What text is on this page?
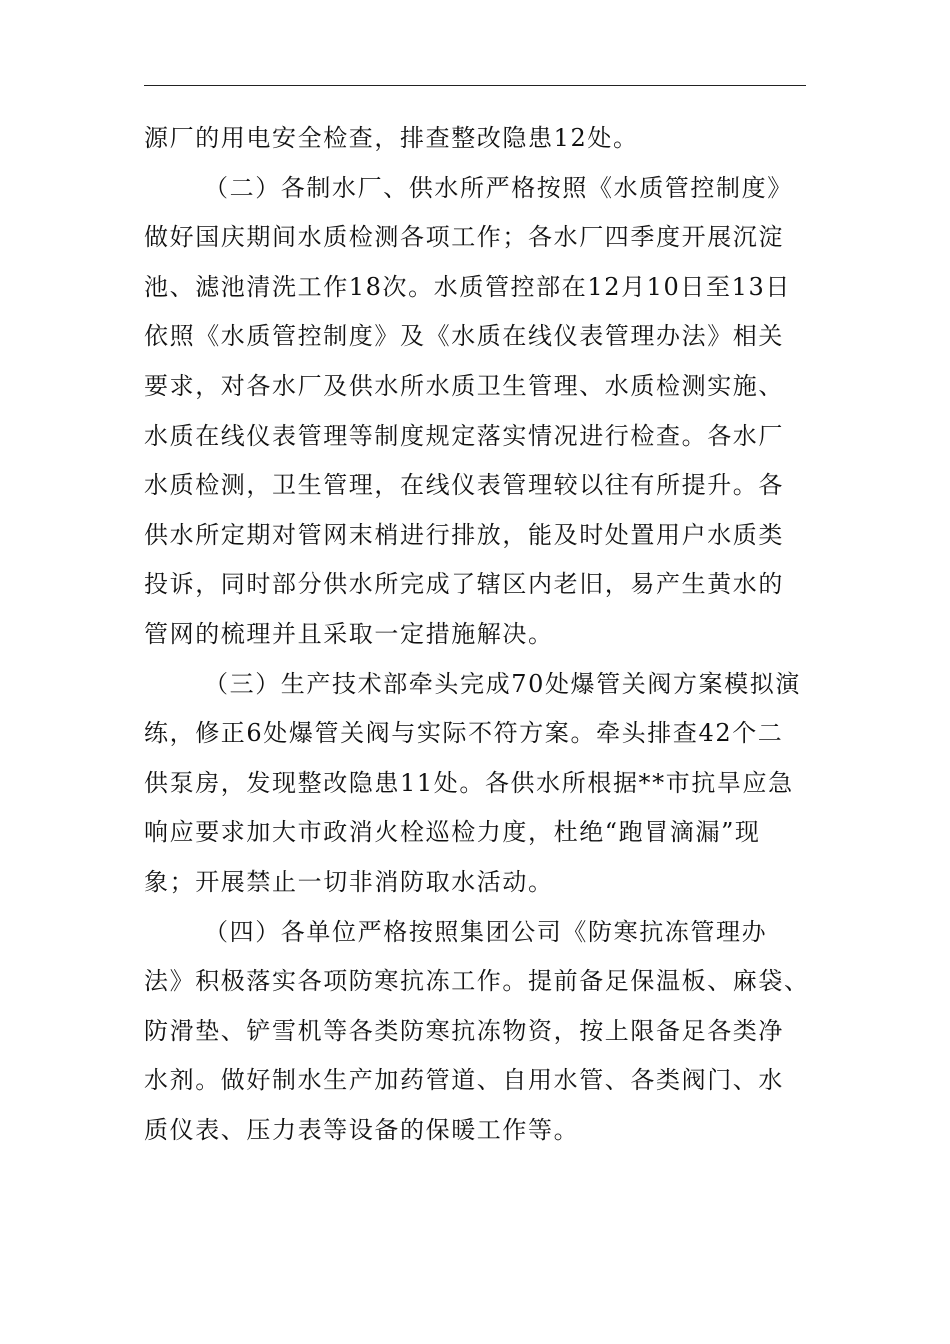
源厂的用电安全检查，排查整改隐患12处。
（二）各制水厂、供水所严格按照《水质管控制度》
做好国庆期间水质检测各项工作；各水厂四季度开展沉淀
池、滤池清洗工作18次。水质管控部在12月10日至13日
依照《水质管控制度》及《水质在线仪表管理办法》相关
要求，对各水厂及供水所水质卫生管理、水质检测实施、
水质在线仪表管理等制度规定落实情况进行检查。各水厂
水质检测，卫生管理，在线仪表管理较以往有所提升。各
供水所定期对管网末梢进行排放，能及时处置用户水质类
投诉，同时部分供水所完成了辖区内老旧，易产生黄水的
管网的梳理并且采取一定措施解决。
（三）生产技术部牵头完成70处爆管关阀方案模拟演
练，修正6处爆管关阀与实际不符方案。牵头排查42个二
供泵房，发现整改隐患11处。各供水所根据**市抗旱应急
响应要求加大市政消火栓巡检力度，杜绝“跑冒滴漏”现
象；开展禁止一切非消防取水活动。
（四）各单位严格按照集团公司《防寒抗冻管理办
法》积极落实各项防寒抗冻工作。提前备足保温板、麻袋、
防滑垫、铲雪机等各类防寒抗冻物资，按上限备足各类净
水剂。做好制水生产加药管道、自用水管、各类阀门、水
质仪表、压力表等设备的保暖工作等。
